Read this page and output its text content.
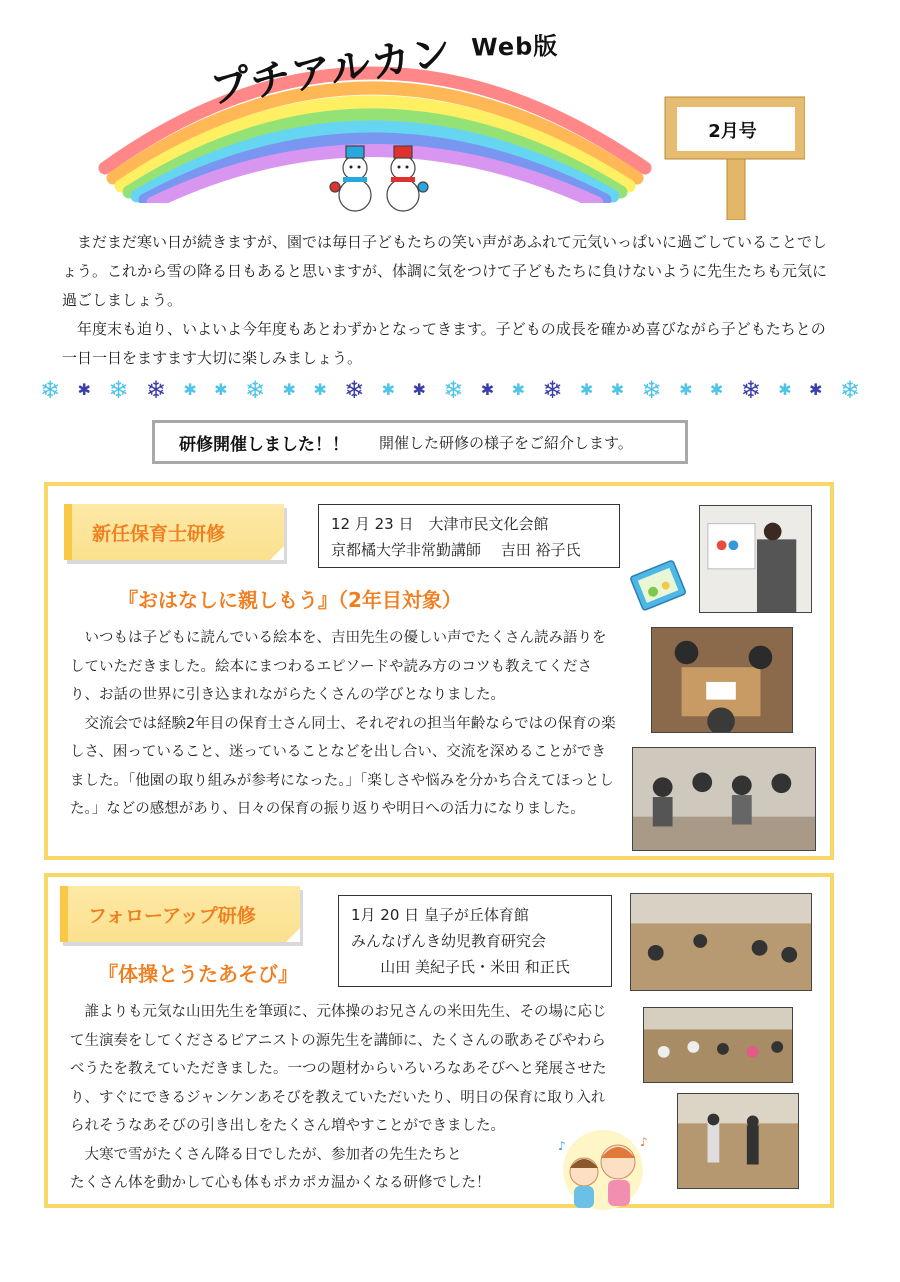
プチアルカン Web版
2月号

まだまだ寒い日が続きますが、園では毎日子どもたちの笑い声があふれて元気いっぱいに過ごしていることでしょう。これから雪の降る日もあると思いますが、体調に気をつけて子どもたちに負けないように先生たちも元気に過ごしましょう。

年度末も迫り、いよいよ今年度もあとわずかとなってきます。子どもの成長を確かめ喜びながら子どもたちとの一日一日をますます大切に楽しみましょう。

❄ ✱ ❄ ❄ ✱ ✱ ❄ ✱ ✱ ❄ ✱ ✱ ❄ ✱ ✱ ❄ ✱ ✱ ❄ ✱ ✱ ❄ ✱ ✱ ❄
研修開催しました！！ 開催した研修の様子をご紹介します。
新任保育士研修	12 月 23 日　大津市民文化会館
京都橘大学非常勤講師　 吉田 裕子氏
『おはなしに親しもう』（2年目対象）

いつもは子どもに読んでいる絵本を、吉田先生の優しい声でたくさん読み語りをしていただきました。絵本にまつわるエピソードや読み方のコツも教えてくださり、お話の世界に引き込まれながらたくさんの学びとなりました。

交流会では経験2年目の保育士さん同士、それぞれの担当年齢ならではの保育の楽しさ、困っていること、迷っていることなどを出し合い、交流を深めることができました。「他園の取り組みが参考になった。」「楽しさや悩みを分かち合えてほっとした。」などの感想があり、日々の保育の振り返りや明日への活力になりました。

フォローアップ研修	1月 20 日 皇子が丘体育館
みんなげんき幼児教育研究会
山田 美紀子氏・米田 和正氏
『体操とうたあそび』

誰よりも元気な山田先生を筆頭に、元体操のお兄さんの米田先生、その場に応じて生演奏をしてくださるピアニストの源先生を講師に、たくさんの歌あそびやわらべうたを教えていただきました。一つの題材からいろいろなあそびへと発展させたり、すぐにできるジャンケンあそびを教えていただいたり、明日の保育に取り入れられそうなあそびの引き出しをたくさん増やすことができました。

大寒で雪がたくさん降る日でしたが、参加者の先生たちと

たくさん体を動かして心も体もポカポカ温かくなる研修でした！

♪
♪
